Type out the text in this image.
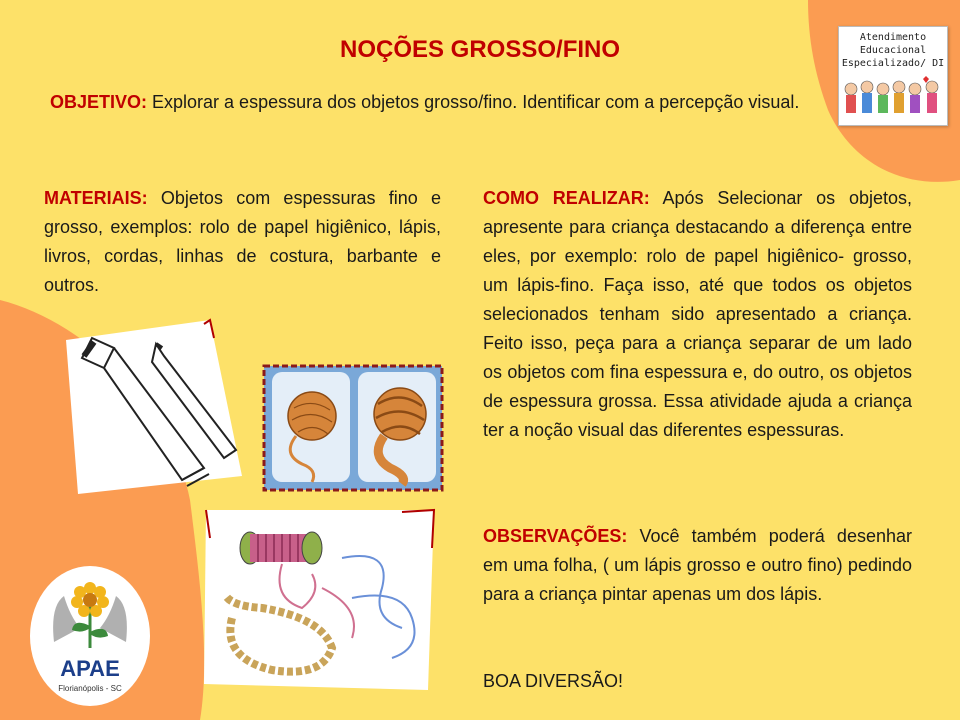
NOÇÕES GROSSO/FINO
OBJETIVO: Explorar a espessura dos objetos grosso/fino. Identificar com a percepção visual.
MATERIAIS: Objetos com espessuras fino e grosso, exemplos: rolo de papel higiênico, lápis, livros, cordas, linhas de costura, barbante e outros.
COMO REALIZAR: Após Selecionar os objetos, apresente para criança destacando a diferença entre eles, por exemplo: rolo de papel higiênico- grosso, um lápis-fino. Faça isso, até que todos os objetos selecionados tenham sido apresentado a criança. Feito isso, peça para a criança separar de um lado os objetos com fina espessura e, do outro, os objetos de espessura grossa. Essa atividade ajuda a criança ter a noção visual das diferentes espessuras.
OBSERVAÇÕES: Você também poderá desenhar em uma folha, ( um lápis grosso e outro fino) pedindo para a criança pintar apenas um dos lápis.
BOA DIVERSÃO!
Atendimento
Educacional
Especializado/ DI
APAE
Florianópolis - SC
